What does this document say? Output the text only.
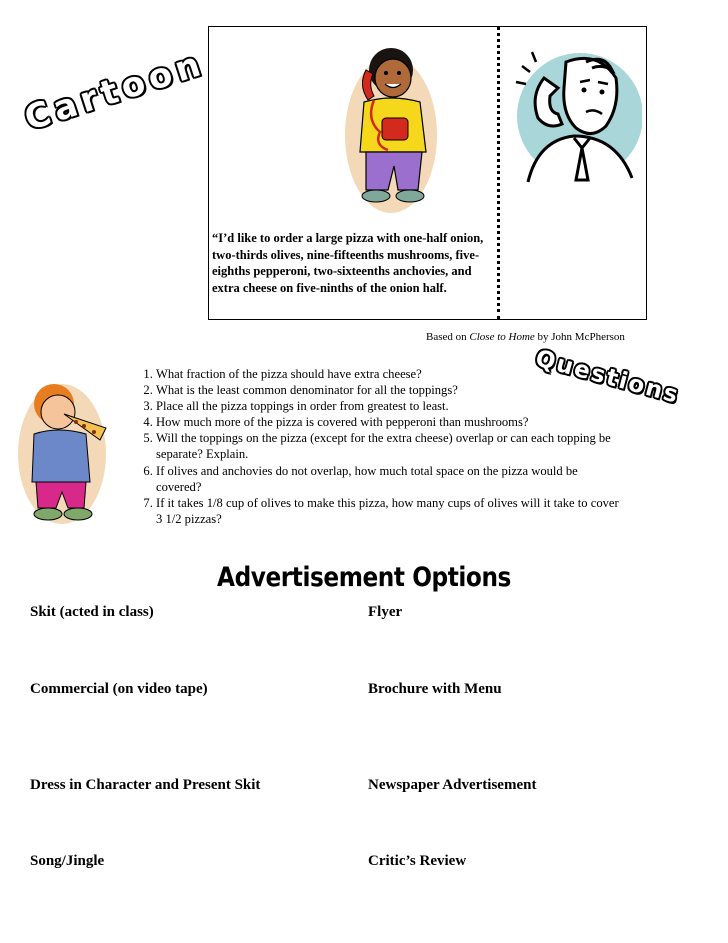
Cartoon
Questions
“I’d like to order a large pizza with one-half onion, two-thirds olives, nine-fifteenths mushrooms, five-eighths pepperoni, two-sixteenths anchovies, and extra cheese on five-ninths of the onion half.
Based on Close to Home by John McPherson
1. What fraction of the pizza should have extra cheese?
2. What is the least common denominator for all the toppings?
3. Place all the pizza toppings in order from greatest to least.
4. How much more of the pizza is covered with pepperoni than mushrooms?
5. Will the toppings on the pizza (except for the extra cheese) overlap or can each topping be separate? Explain.
6. If olives and anchovies do not overlap, how much total space on the pizza would be covered?
7. If it takes 1/8 cup of olives to make this pizza, how many cups of olives will it take to cover 3 1/2 pizzas?
Advertisement Options
Skit (acted in class)
Commercial (on video tape)
Dress in Character and Present Skit
Song/Jingle
Flyer
Brochure with Menu
Newspaper Advertisement
Critic’s Review
